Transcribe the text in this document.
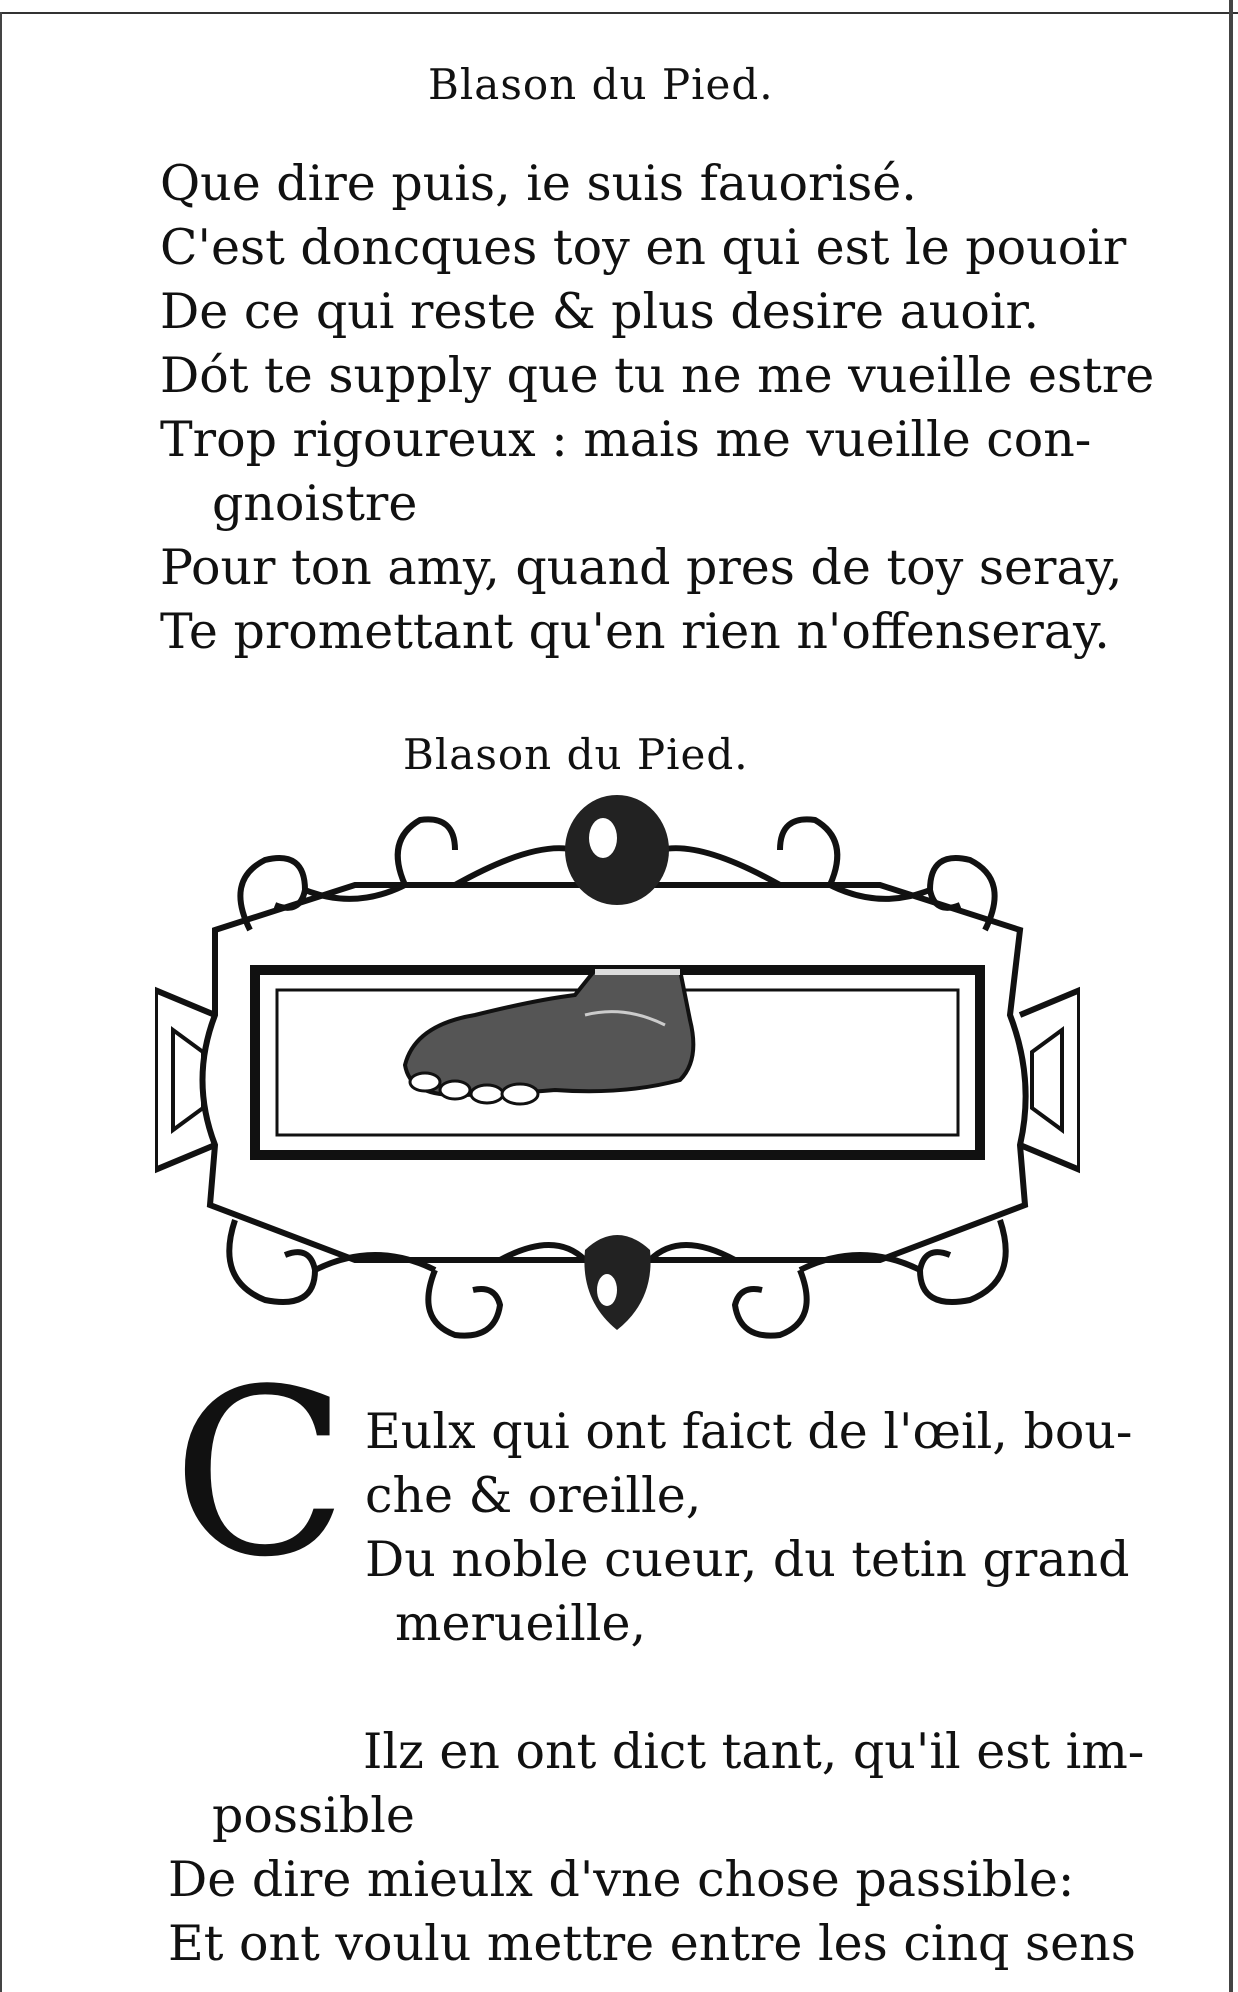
Blason du Pied.
Que dire puis, ie suis fauorisé.
C'est doncques toy en qui est le pouoir
De ce qui reste & plus desire auoir.
Dót te supply que tu ne me vueille estre
Trop rigoureux : mais me vueille con-
gnoistre
Pour ton amy, quand pres de toy seray,
Te promettant qu'en rien n'offenseray.
Blason du Pied.
C Eulx qui ont faict de l'œil, bou-
che & oreille,
Du noble cueur, du tetin grand
merueille,
Ilz en ont dict tant, qu'il est im-
possible
De dire mieulx d'vne chose passible:
Et ont voulu mettre entre les cinq sens
